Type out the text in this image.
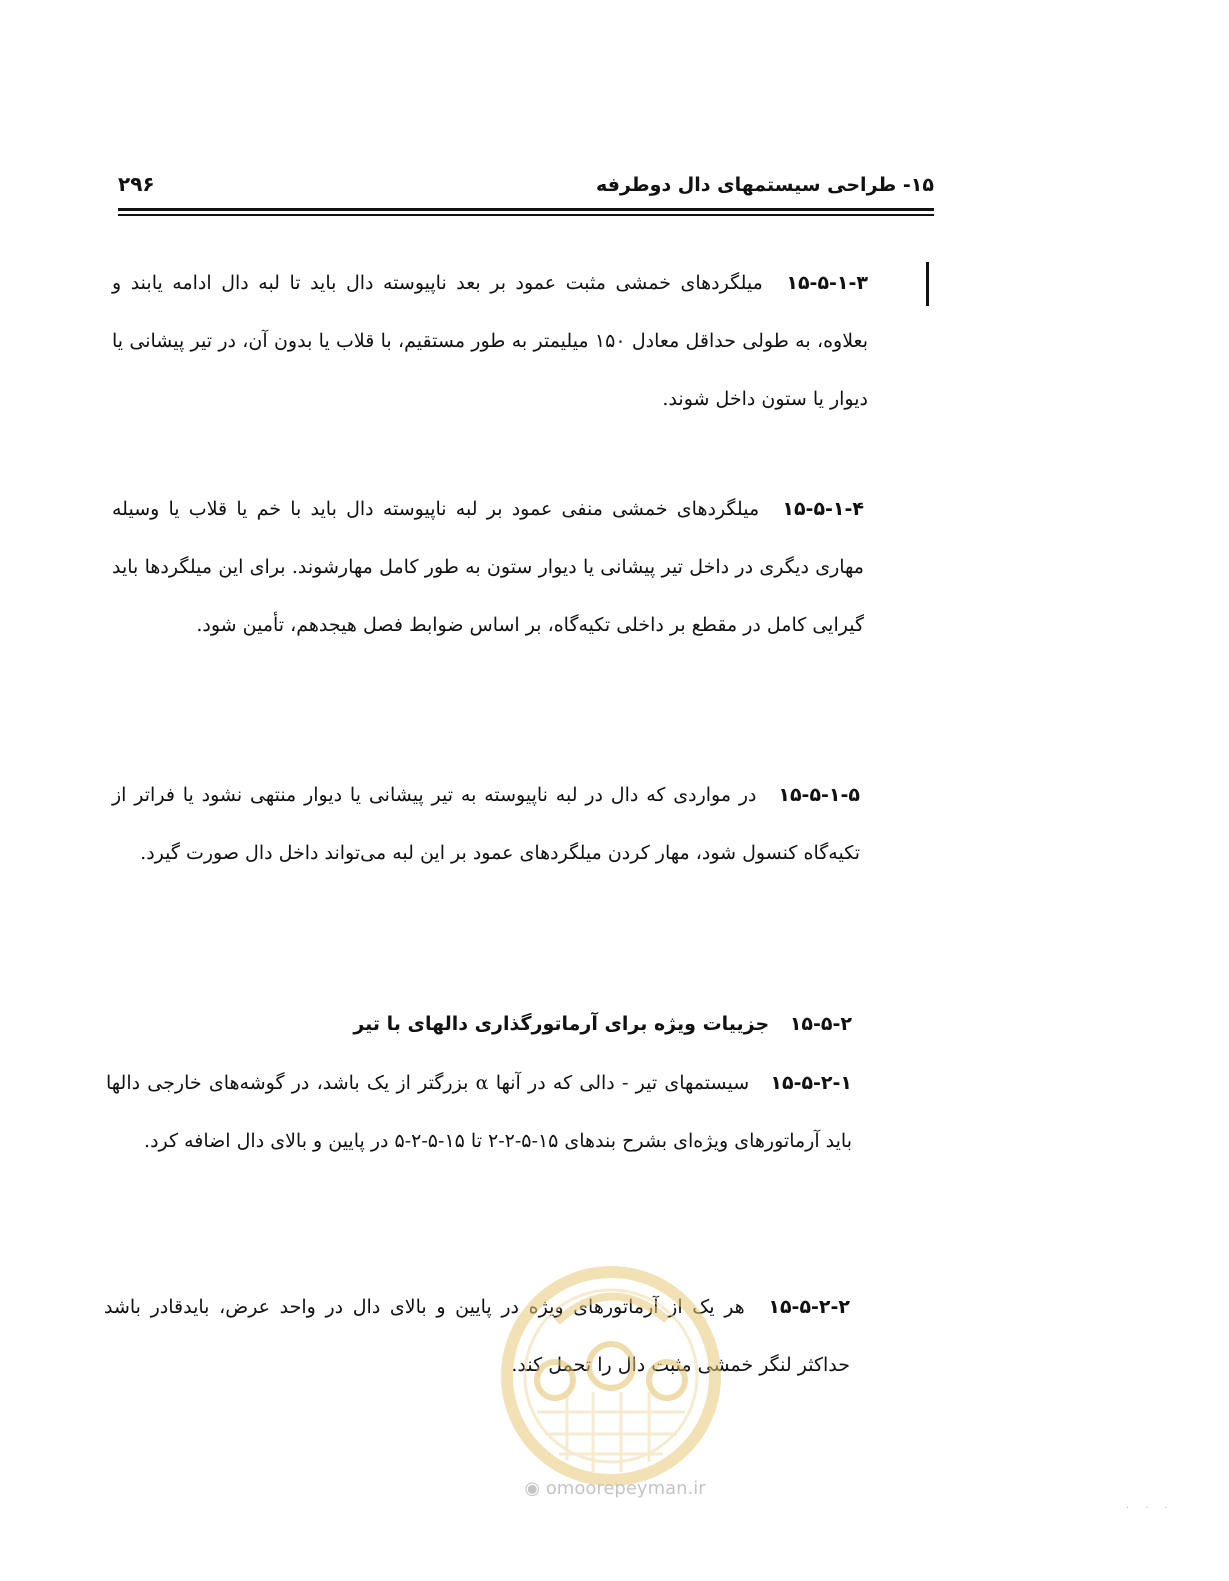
۱۵- طراحی سیستمهای دال دوطرفه
۲۹۶
۱۵-۵-۱-۳ میلگردهای خمشی مثبت عمود بر بعد ناپیوسته دال باید تا لبه دال ادامه یابند و بعلاوه، به طولی حداقل معادل ۱۵۰ میلیمتر به طور مستقیم، با قلاب یا بدون آن، در تیر پیشانی یا دیوار یا ستون داخل شوند.
۱۵-۵-۱-۴ میلگردهای خمشی منفی عمود بر لبه ناپیوسته دال باید با خم یا قلاب یا وسیله مهاری دیگری در داخل تیر پیشانی یا دیوار ستون به طور کامل مهارشوند. برای این میلگردها باید گیرایی کامل در مقطع بر داخلی تکیه‌گاه، بر اساس ضوابط فصل هیجدهم، تأمین شود.
۱۵-۵-۱-۵ در مواردی که دال در لبه ناپیوسته به تیر پیشانی یا دیوار منتهی نشود یا فراتر از تکیه‌گاه کنسول شود، مهار کردن میلگردهای عمود بر این لبه می‌تواند داخل دال صورت گیرد.
۱۵-۵-۲ جزییات ویژه برای آرماتورگذاری دالهای با تیر
۱۵-۵-۲-۱ سیستمهای تیر - دالی که در آنها α بزرگتر از یک باشد، در گوشه‌های خارجی دالها باید آرماتورهای ویژه‌ای بشرح بندهای ۱۵-۵-۲-۲ تا ۱۵-۵-۲-۵ در پایین و بالای دال اضافه کرد.
۱۵-۵-۲-۲ هر یک از آرماتورهای ویژه در پایین و بالای دال در واحد عرض، بایدقادر باشد حداکثر لنگر خمشی مثبت دال را تحمل کند.
◉ omoorepeyman.ir
...
